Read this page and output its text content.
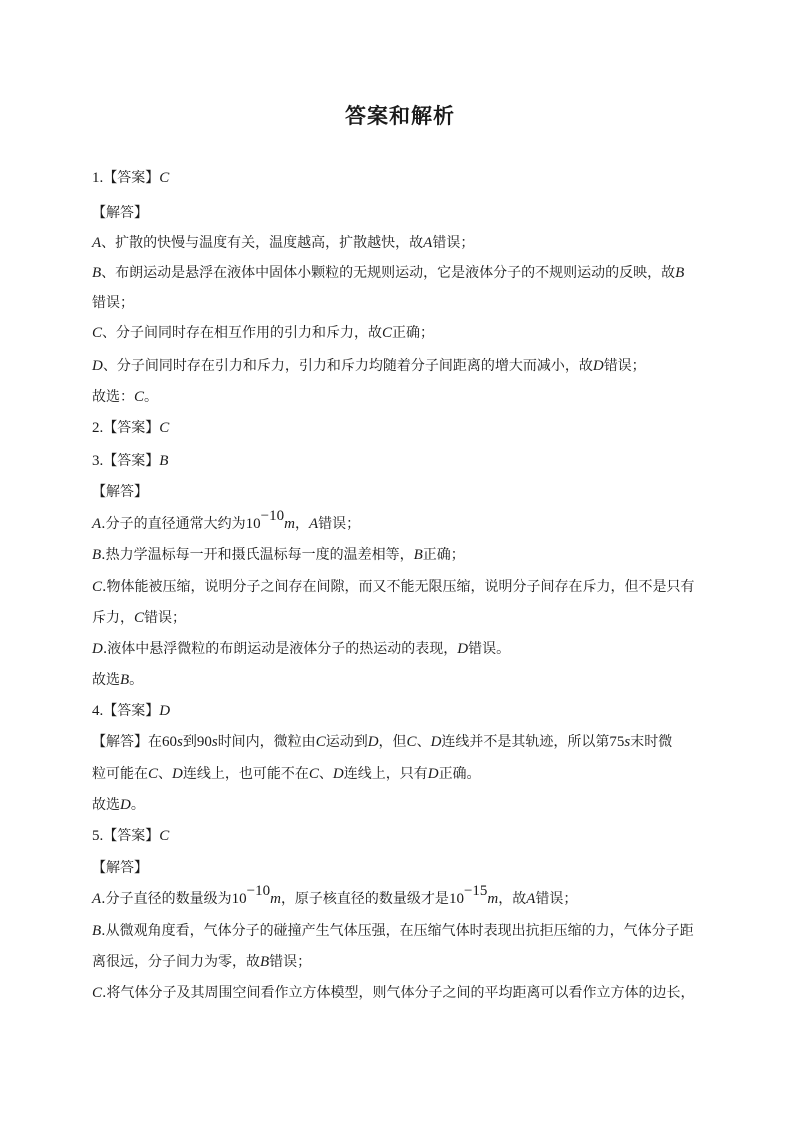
答案和解析
1.【答案】C
【解答】
A、扩散的快慢与温度有关，温度越高，扩散越快，故A错误；
B、布朗运动是悬浮在液体中固体小颗粒的无规则运动，它是液体分子的不规则运动的反映，故B
错误；
C、分子间同时存在相互作用的引力和斥力，故C正确；
D、分子间同时存在引力和斥力，引力和斥力均随着分子间距离的增大而减小，故D错误；
故选：C。
2.【答案】C
3.【答案】B
【解答】
A.分子的直径通常大约为$10^{-10}m$，A错误；
B.热力学温标每一开和摄氏温标每一度的温差相等，B正确；
C.物体能被压缩，说明分子之间存在间隙，而又不能无限压缩，说明分子间存在斥力，但不是只有
斥力，C错误；
D.液体中悬浮微粒的布朗运动是液体分子的热运动的表现，D错误。
故选B。
4.【答案】D
【解答】在60s到90s时间内，微粒由C运动到D，但C、D连线并不是其轨迹，所以第75s末时微
粒可能在C、D连线上，也可能不在C、D连线上，只有D正确。
故选D。
5.【答案】C
【解答】
A.分子直径的数量级为$10^{-10}m$，原子核直径的数量级才是$10^{-15}m$，故A错误；
B.从微观角度看，气体分子的碰撞产生气体压强，在压缩气体时表现出抗拒压缩的力，气体分子距
离很远，分子间力为零，故B错误；
C.将气体分子及其周围空间看作立方体模型，则气体分子之间的平均距离可以看作立方体的边长，
